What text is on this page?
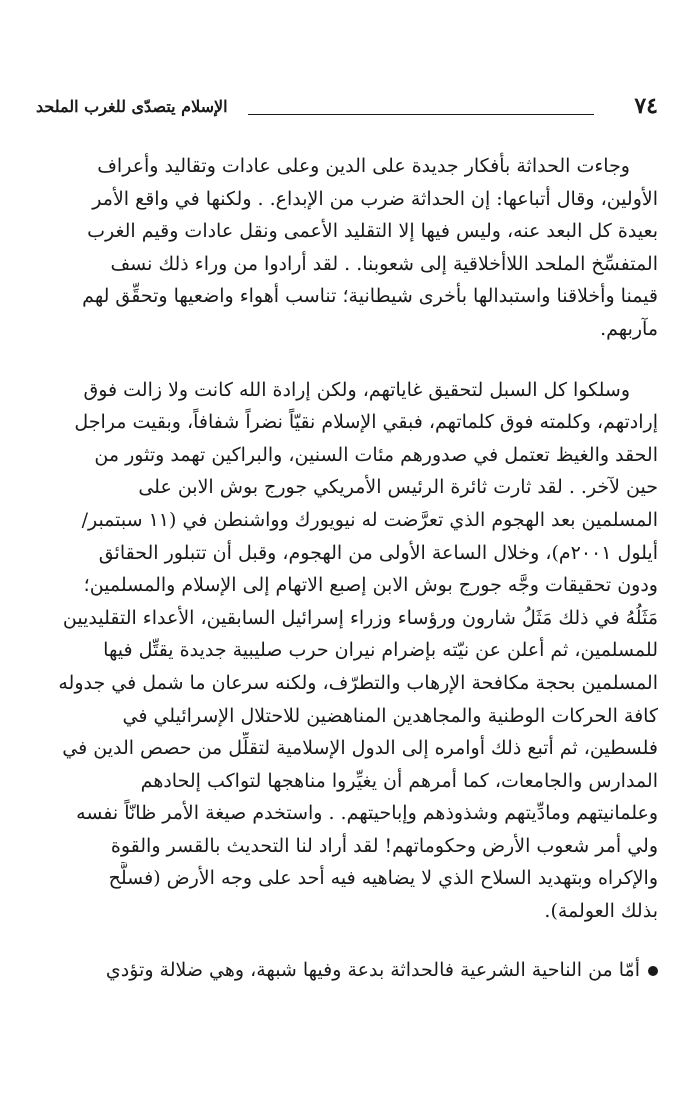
٧٤
الإسلام يتصدّى للغرب الملحد

وجاءت الحداثة بأفكار جديدة على الدين وعلى عادات وتقاليد وأعراف
الأولين، وقال أتباعها: إن الحداثة ضرب من الإبداع. . ولكنها في واقع الأمر
بعيدة كل البعد عنه، وليس فيها إلا التقليد الأعمى ونقل عادات وقيم الغرب
المتفسِّخ الملحد اللاأخلاقية إلى شعوبنا. . لقد أرادوا من وراء ذلك نسف
قيمنا وأخلاقنا واستبدالها بأخرى شيطانية؛ تناسب أهواء واضعيها وتحقِّق لهم
مآربهم.

وسلكوا كل السبل لتحقيق غاياتهم، ولكن إرادة الله كانت ولا زالت فوق
إرادتهم، وكلمته فوق كلماتهم، فبقي الإسلام نقيّاً نضراً شفافاً، وبقيت مراجل
الحقد والغيظ تعتمل في صدورهم مئات السنين، والبراكين تهمد وتثور من
حين لآخر. . لقد ثارت ثائرة الرئيس الأمريكي جورج بوش الابن على
المسلمين بعد الهجوم الذي تعرَّضت له نيويورك وواشنطن في (١١ سبتمبر/
أيلول ٢٠٠١م)، وخلال الساعة الأولى من الهجوم، وقبل أن تتبلور الحقائق
ودون تحقيقات وجَّه جورج بوش الابن إصبع الاتهام إلى الإسلام والمسلمين؛
مَثَلُهُ في ذلك مَثَلُ شارون ورؤساء وزراء إسرائيل السابقين، الأعداء التقليديين
للمسلمين، ثم أعلن عن نيّته بإضرام نيران حرب صليبية جديدة يقتِّل فيها
المسلمين بحجة مكافحة الإرهاب والتطرّف، ولكنه سرعان ما شمل في جدوله
كافة الحركات الوطنية والمجاهدين المناهضين للاحتلال الإسرائيلي في
فلسطين، ثم أتبع ذلك أوامره إلى الدول الإسلامية لتقلِّل من حصص الدين في
المدارس والجامعات، كما أمرهم أن يغيِّروا مناهجها لتواكب إلحادهم
وعلمانيتهم ومادِّيتهم وشذوذهم وإباحيتهم. . واستخدم صيغة الأمر ظانّاً نفسه
ولي أمر شعوب الأرض وحكوماتهم! لقد أراد لنا التحديث بالقسر والقوة
والإكراه وبتهديد السلاح الذي لا يضاهيه فيه أحد على وجه الأرض (فسلَّح
بذلك العولمة).

أمّا من الناحية الشرعية فالحداثة بدعة وفيها شبهة، وهي ضلالة وتؤدي
